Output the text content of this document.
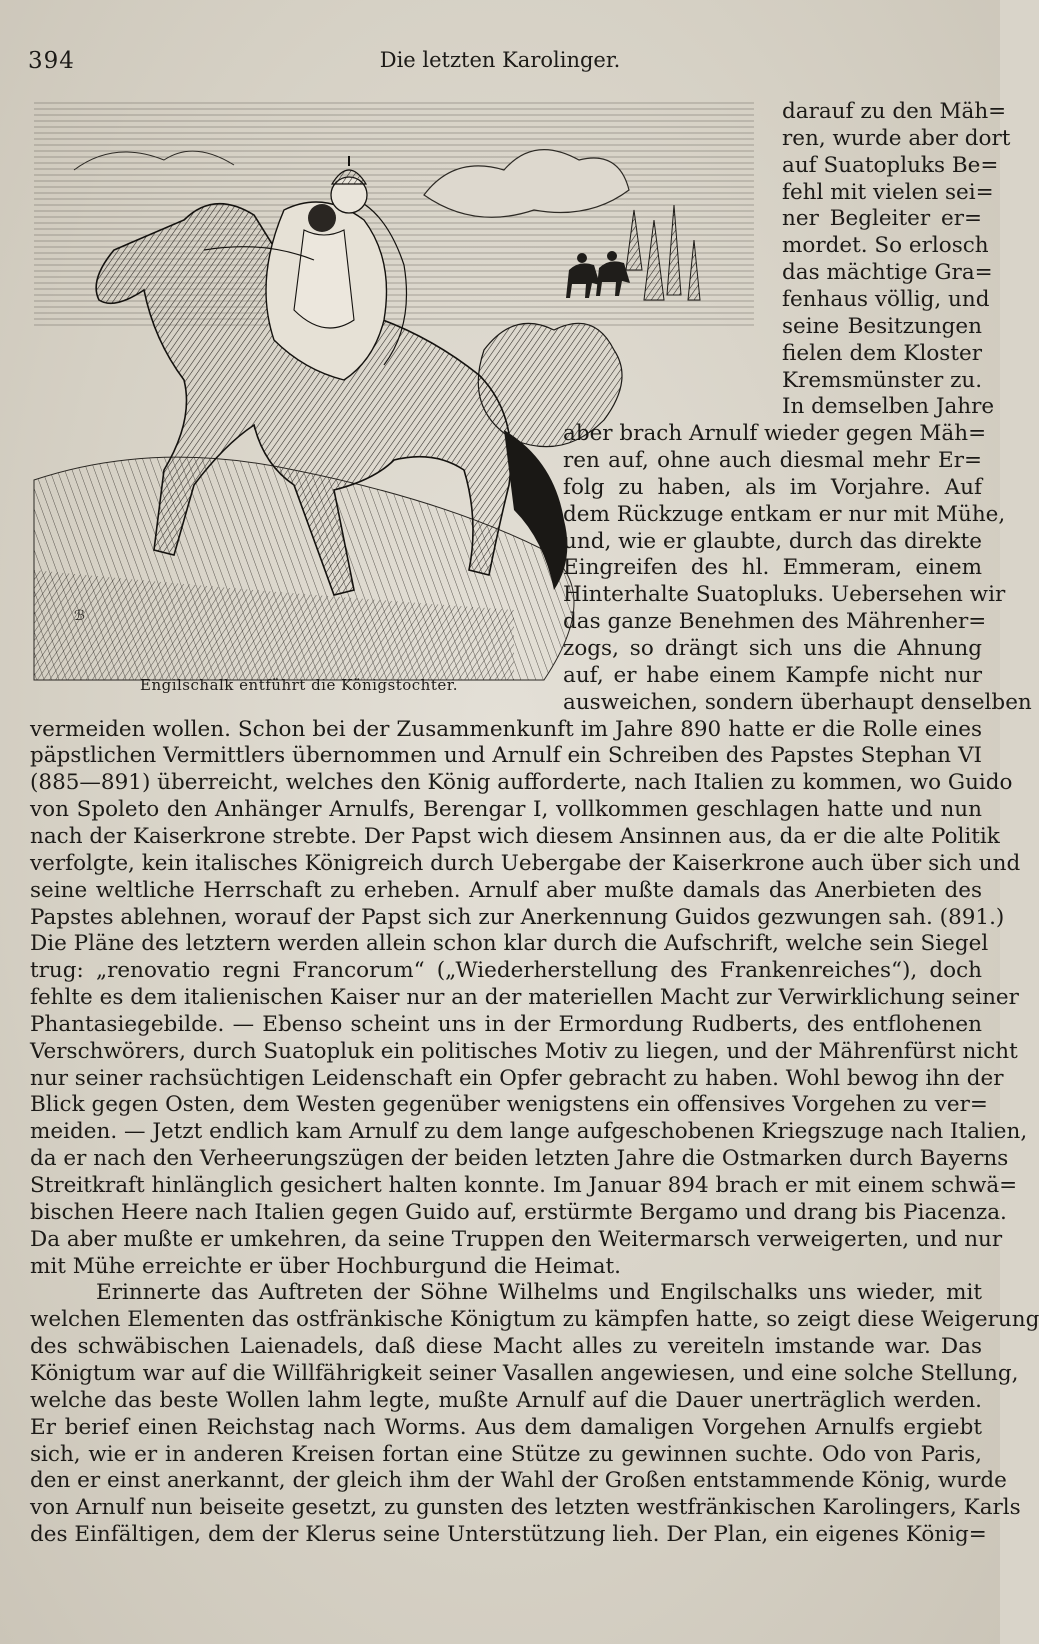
394	Die letzten Karolinger.
ℬ
Engilschalk entführt die Königstochter.
darauf zu den Mäh=
ren, wurde aber dort
auf Suatopluks Be=
fehl mit vielen sei=
ner Begleiter er=
mordet. So erlosch
das mächtige Gra=
fenhaus völlig, und
seine Besitzungen
fielen dem Kloster
Kremsmünster zu.
In demselben Jahre
aber brach Arnulf wieder gegen Mäh=
ren auf, ohne auch diesmal mehr Er=
folg zu haben, als im Vorjahre. Auf
dem Rückzuge entkam er nur mit Mühe,
und, wie er glaubte, durch das direkte
Eingreifen des hl. Emmeram, einem
Hinterhalte Suatopluks. Uebersehen wir
das ganze Benehmen des Mährenher=
zogs, so drängt sich uns die Ahnung
auf, er habe einem Kampfe nicht nur
ausweichen, sondern überhaupt denselben
vermeiden wollen. Schon bei der Zusammenkunft im Jahre 890 hatte er die Rolle eines
päpstlichen Vermittlers übernommen und Arnulf ein Schreiben des Papstes Stephan VI
(885—891) überreicht, welches den König aufforderte, nach Italien zu kommen, wo Guido
von Spoleto den Anhänger Arnulfs, Berengar I, vollkommen geschlagen hatte und nun
nach der Kaiserkrone strebte. Der Papst wich diesem Ansinnen aus, da er die alte Politik
verfolgte, kein italisches Königreich durch Uebergabe der Kaiserkrone auch über sich und
seine weltliche Herrschaft zu erheben. Arnulf aber mußte damals das Anerbieten des
Papstes ablehnen, worauf der Papst sich zur Anerkennung Guidos gezwungen sah. (891.)
Die Pläne des letztern werden allein schon klar durch die Aufschrift, welche sein Siegel
trug: „renovatio regni Francorum“ („Wiederherstellung des Frankenreiches“), doch
fehlte es dem italienischen Kaiser nur an der materiellen Macht zur Verwirklichung seiner
Phantasiegebilde. — Ebenso scheint uns in der Ermordung Rudberts, des entflohenen
Verschwörers, durch Suatopluk ein politisches Motiv zu liegen, und der Mährenfürst nicht
nur seiner rachsüchtigen Leidenschaft ein Opfer gebracht zu haben. Wohl bewog ihn der
Blick gegen Osten, dem Westen gegenüber wenigstens ein offensives Vorgehen zu ver=
meiden. — Jetzt endlich kam Arnulf zu dem lange aufgeschobenen Kriegszuge nach Italien,
da er nach den Verheerungszügen der beiden letzten Jahre die Ostmarken durch Bayerns
Streitkraft hinlänglich gesichert halten konnte. Im Januar 894 brach er mit einem schwä=
bischen Heere nach Italien gegen Guido auf, erstürmte Bergamo und drang bis Piacenza.
Da aber mußte er umkehren, da seine Truppen den Weitermarsch verweigerten, und nur
mit Mühe erreichte er über Hochburgund die Heimat.
Erinnerte das Auftreten der Söhne Wilhelms und Engilschalks uns wieder, mit
welchen Elementen das ostfränkische Königtum zu kämpfen hatte, so zeigt diese Weigerung
des schwäbischen Laienadels, daß diese Macht alles zu vereiteln imstande war. Das
Königtum war auf die Willfährigkeit seiner Vasallen angewiesen, und eine solche Stellung,
welche das beste Wollen lahm legte, mußte Arnulf auf die Dauer unerträglich werden.
Er berief einen Reichstag nach Worms. Aus dem damaligen Vorgehen Arnulfs ergiebt
sich, wie er in anderen Kreisen fortan eine Stütze zu gewinnen suchte. Odo von Paris,
den er einst anerkannt, der gleich ihm der Wahl der Großen entstammende König, wurde
von Arnulf nun beiseite gesetzt, zu gunsten des letzten westfränkischen Karolingers, Karls
des Einfältigen, dem der Klerus seine Unterstützung lieh. Der Plan, ein eigenes König=
